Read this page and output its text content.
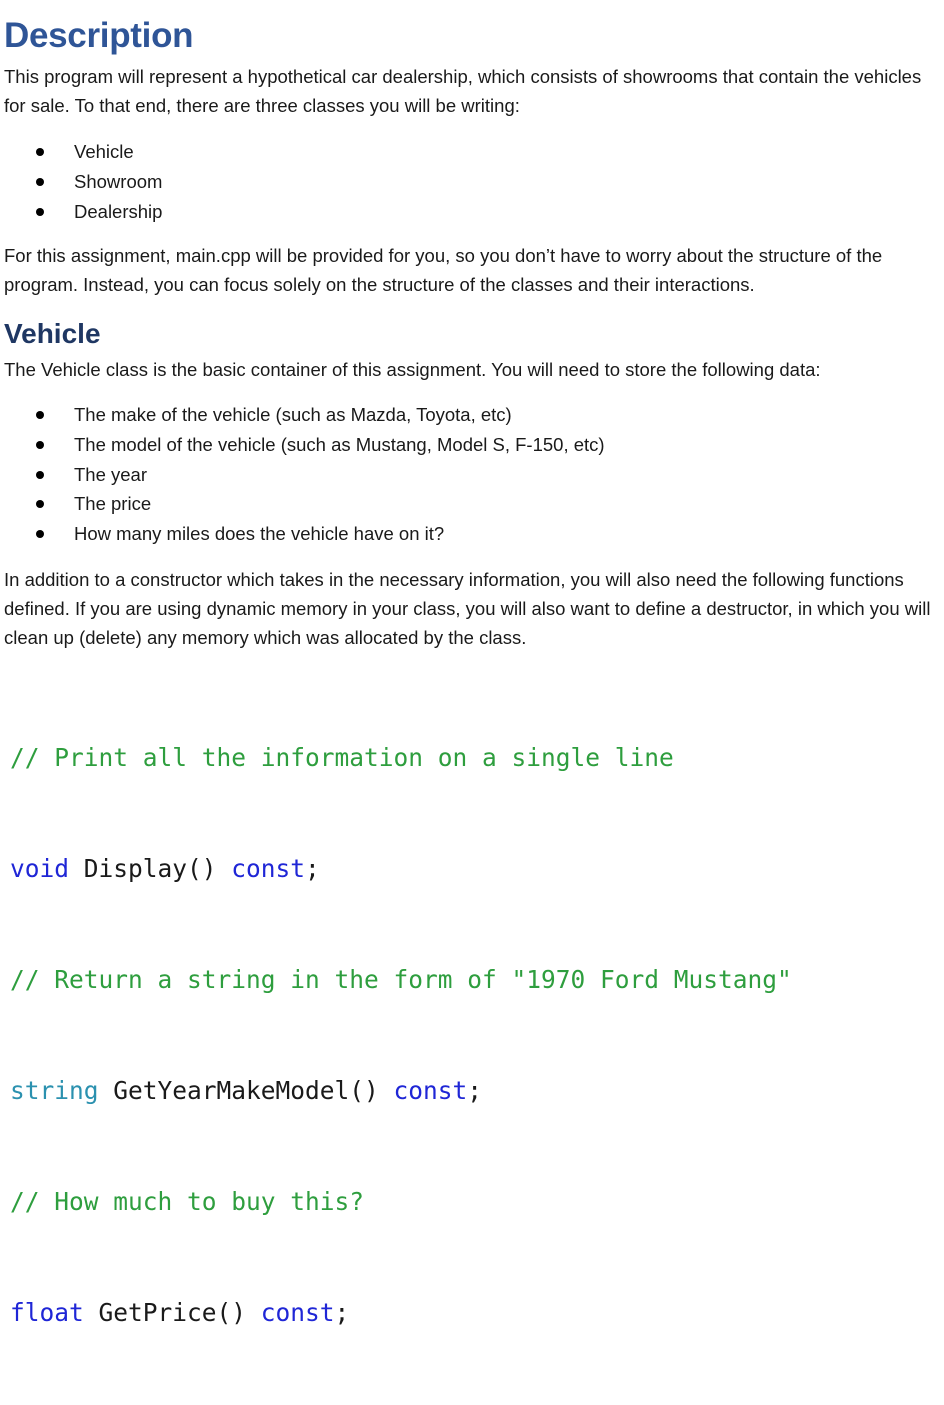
Description
This program will represent a hypothetical car dealership, which consists of showrooms that contain the vehicles for sale. To that end, there are three classes you will be writing:
Vehicle
Showroom
Dealership
For this assignment, main.cpp will be provided for you, so you don’t have to worry about the structure of the program. Instead, you can focus solely on the structure of the classes and their interactions.
Vehicle
The Vehicle class is the basic container of this assignment. You will need to store the following data:
The make of the vehicle (such as Mazda, Toyota, etc)
The model of the vehicle (such as Mustang, Model S, F-150, etc)
The year
The price
How many miles does the vehicle have on it?
In addition to a constructor which takes in the necessary information, you will also need the following functions defined. If you are using dynamic memory in your class, you will also want to define a destructor, in which you will clean up (delete) any memory which was allocated by the class.

// Print all the information on a single line

void Display() const;

// Return a string in the form of "1970 Ford Mustang"

string GetYearMakeModel() const;

// How much to buy this?

float GetPrice() const;
